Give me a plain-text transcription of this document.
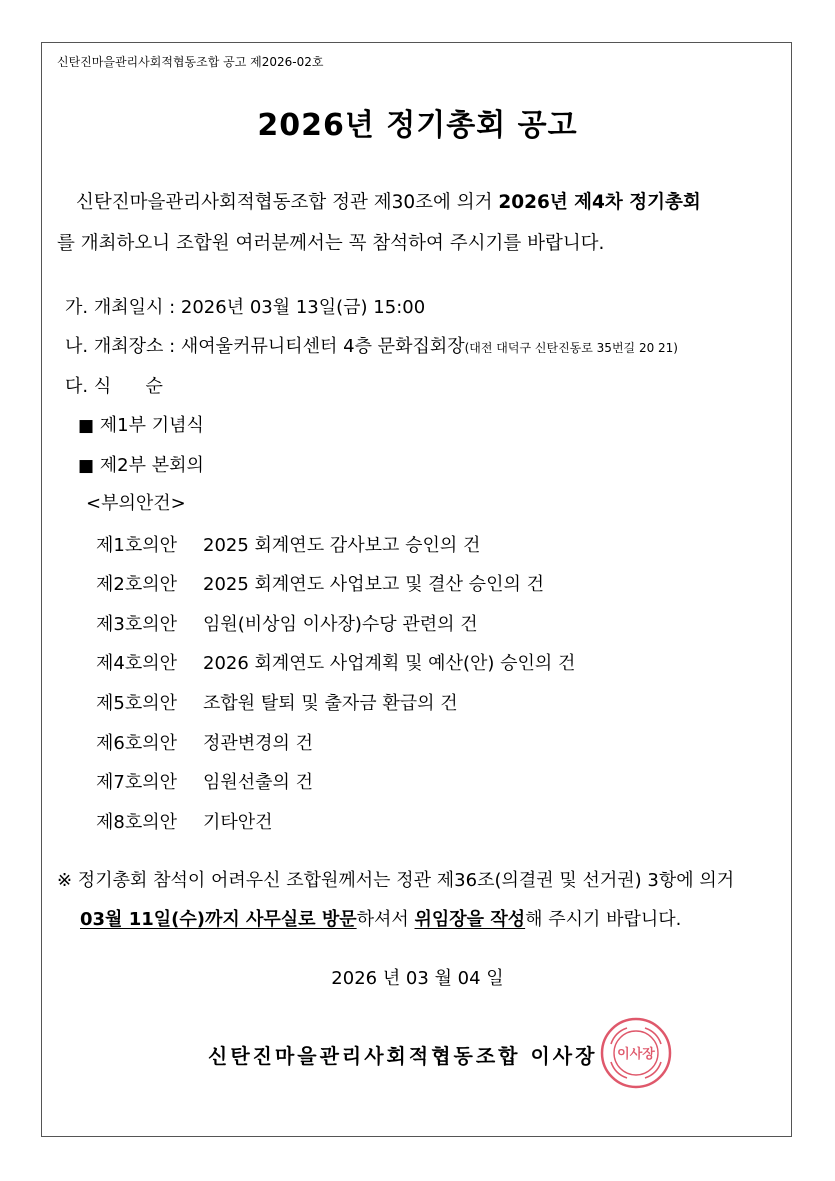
신탄진마을관리사회적협동조합 공고 제2026-02호
2026년 정기총회 공고
신탄진마을관리사회적협동조합 정관 제30조에 의거 2026년 제4차 정기총회
를 개최하오니 조합원 여러분께서는 꼭 참석하여 주시기를 바랍니다.
가. 개최일시 : 2026년 03월 13일(금) 15:00
나. 개최장소 : 새여울커뮤니티센터 4층 문화집회장(대전 대덕구 신탄진동로 35번길 20 21)
다. 식      순
■ 제1부 기념식
■ 제2부 본회의
<부의안건>
제1호의안 2025 회계연도 감사보고 승인의 건
제2호의안 2025 회계연도 사업보고 및 결산 승인의 건
제3호의안 임원(비상임 이사장)수당 관련의 건
제4호의안 2026 회계연도 사업계획 및 예산(안) 승인의 건
제5호의안 조합원 탈퇴 및 출자금 환급의 건
제6호의안 정관변경의 건
제7호의안 임원선출의 건
제8호의안 기타안건
※ 정기총회 참석이 어려우신 조합원께서는 정관 제36조(의결권 및 선거권) 3항에 의거
03월 11일(수)까지 사무실로 방문하셔서 위임장을 작성해 주시기 바랍니다.
2026 년 03 월 04 일
신탄진마을관리사회적협동조합 이사장 이사장
